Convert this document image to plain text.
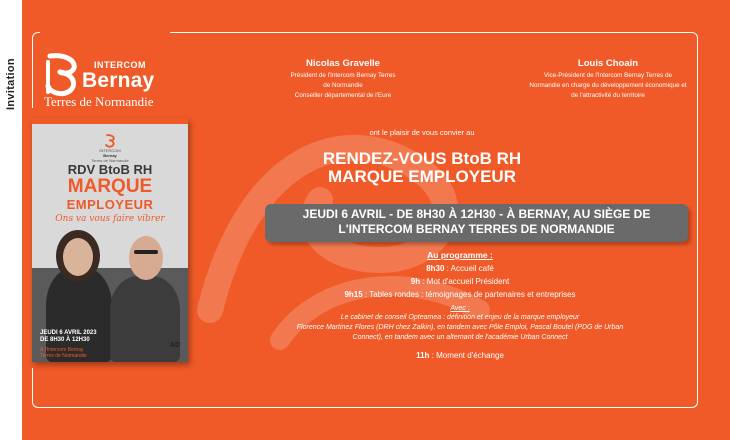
Invitation	INTERCOM
Bernay
Terres de Normandie
INTERCOM
Bernay
Terres de Normandie
RDV BtoB RH
MARQUE
EMPLOYEUR
Ons va vous faire vibrer
JEUDI 6 AVRIL 2023
DE 8H30 À 12H30
À l'Intercom Bernay
Terres de Normandie
AD
Nicolas Gravelle
Président de l'Intercom Bernay Terres
de Normandie
Conseiller départemental de l'Eure
Louis Choain
Vice-Président de l'Intercom Bernay Terres de
Normandie en charge du développement économique et
de l'attractivité du territoire
ont le plaisir de vous convier au
RENDEZ-VOUS BtoB RH
MARQUE EMPLOYEUR
JEUDI 6 AVRIL - DE 8H30 À 12H30 - À BERNAY, AU SIÈGE DE
L'INTERCOM BERNAY TERRES DE NORMANDIE
Au programme :
8h30 : Accueil café
9h : Mot d'accueil Président
9h15 : Tables rondes : témoignages de partenaires et entreprises
Avec :
Le cabinet de conseil Opteamea : définition et enjeu de la marque employeur
Florence Martinez Flores (DRH chez Zalkin), en tandem avec Pôle Emploi, Pascal Boutel (PDG de Urban
Connect), en tandem avec un alternant de l'académie Urban Connect
11h : Moment d'échange
